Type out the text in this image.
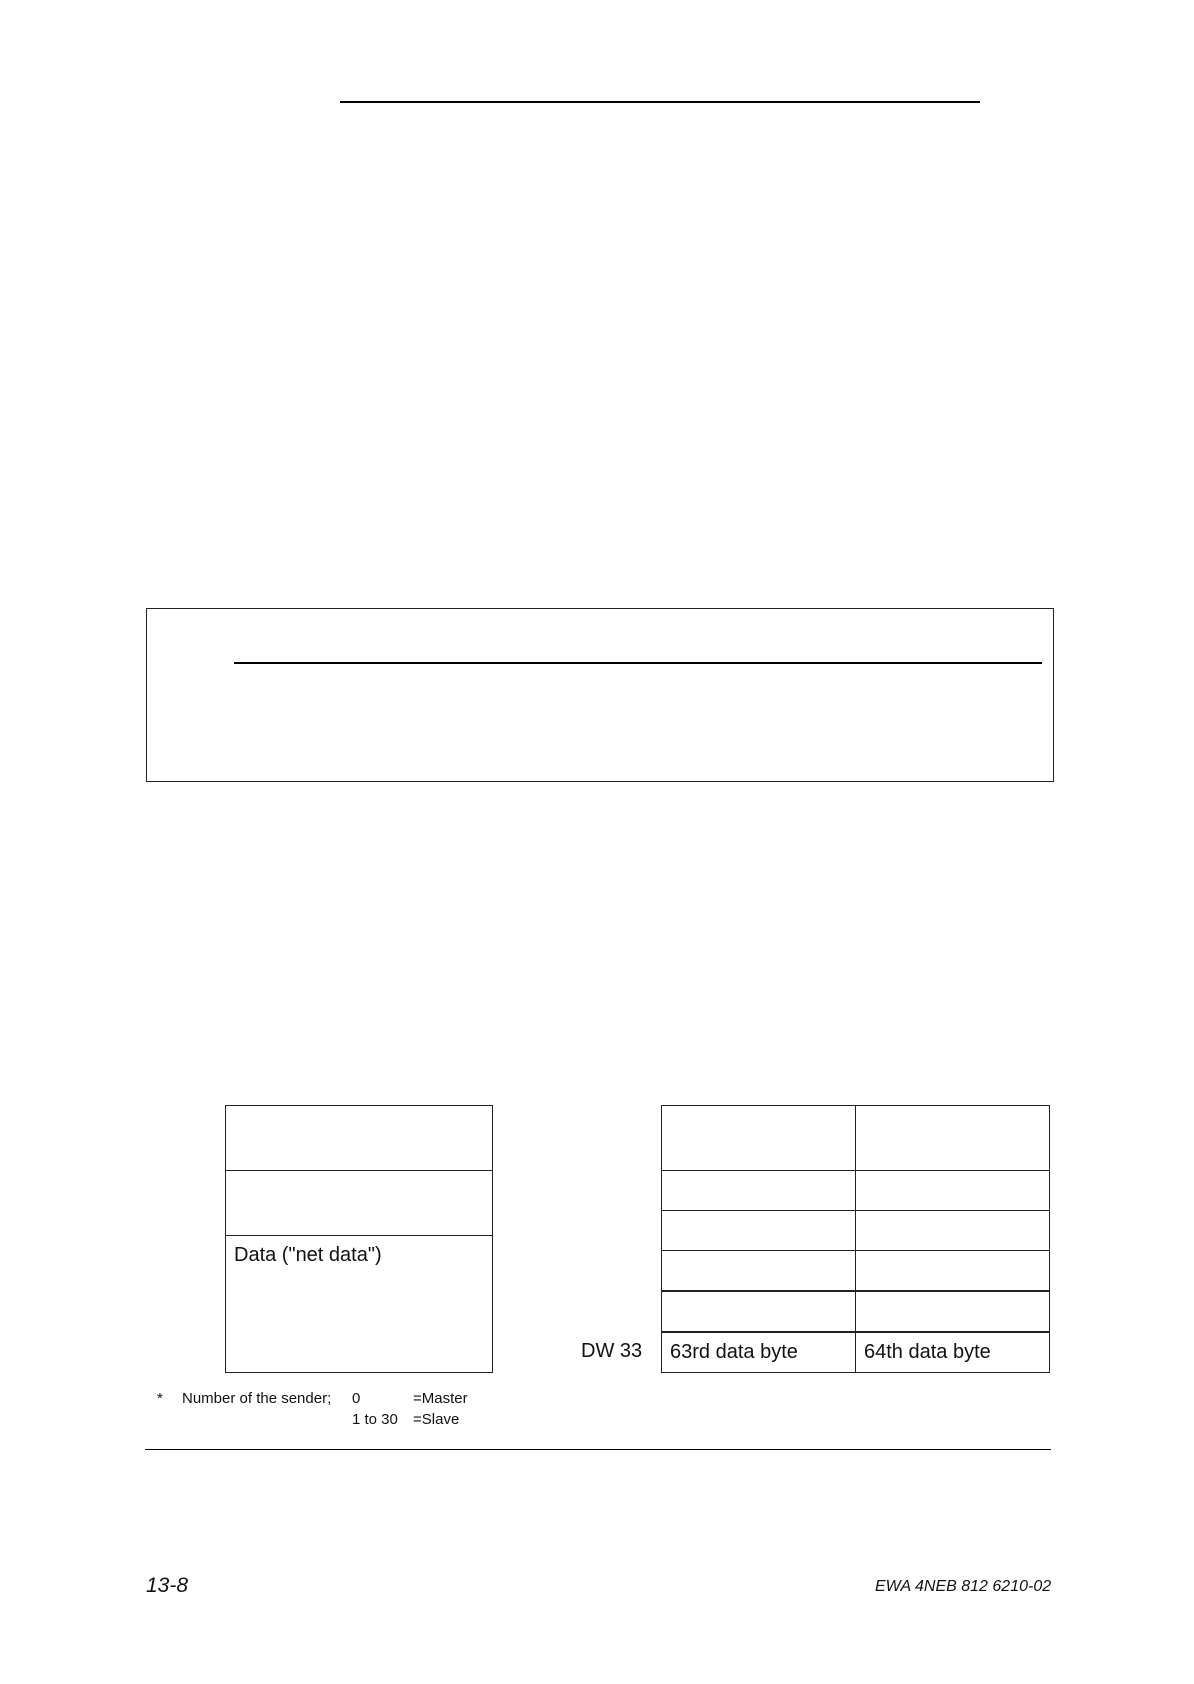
Data ("net data")
DW 33 63rd data byte	64th data byte
* Number of the sender; 0	=Master
1 to 30 =Slave
13-8	EWA 4NEB 812 6210-02
